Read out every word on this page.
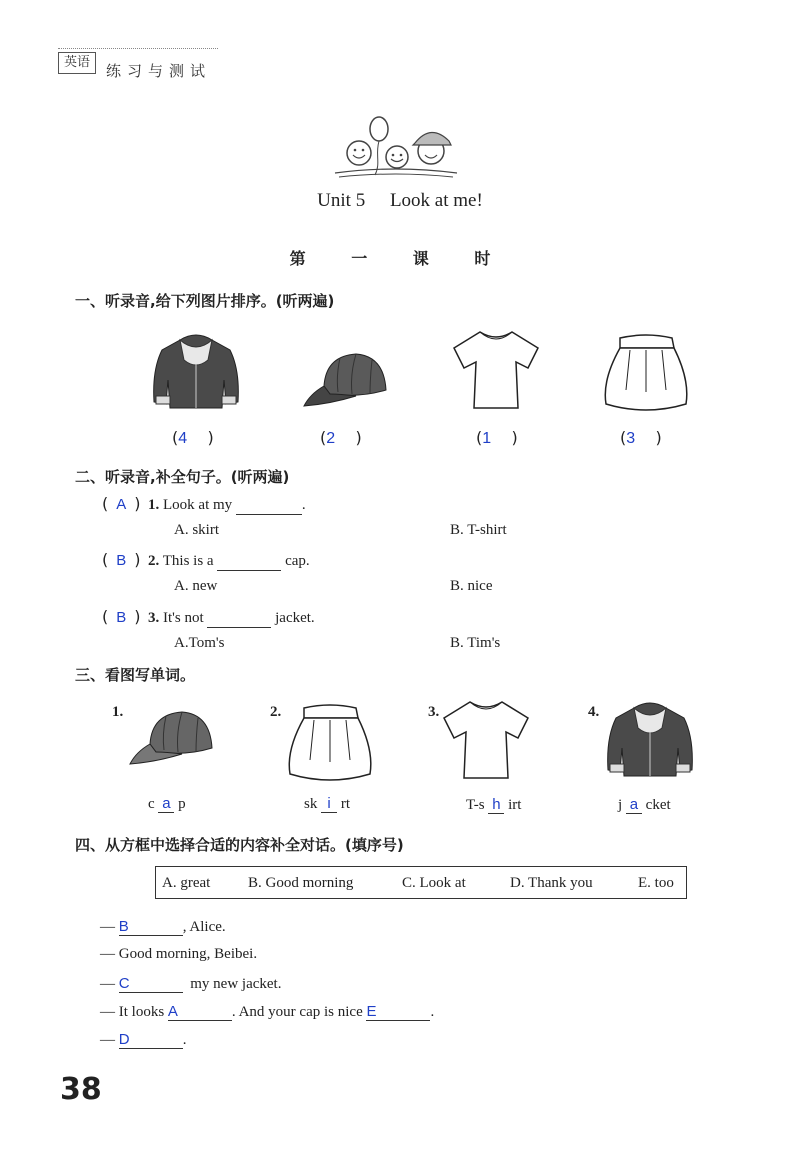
英语	练习与测试
Unit 5 Look at me!
第 一 课 时
一、听录音,给下列图片排序。(听两遍)
(4    )	(2    )	(1    )	(3    )
二、听录音,补全句子。(听两遍)
( A ) 1. Look at my	.
A. skirt	B. T-shirt
( B ) 2. This is a	cap.
A. new	B. nice
( B ) 3. It's not	jacket.
A.Tom's	B. Tim's
三、看图写单词。
1.	2.	3.	4.
c a p	sk i rt	T-s h irt	j a cket
四、从方框中选择合适的内容补全对话。(填序号)
A. great	B. Good morning	C. Look at	D. Thank you	E. too
— B	, Alice.
— Good morning, Beibei.
— C	my new jacket.
— It looks A	. And your cap is nice E	.
— D	.
38
